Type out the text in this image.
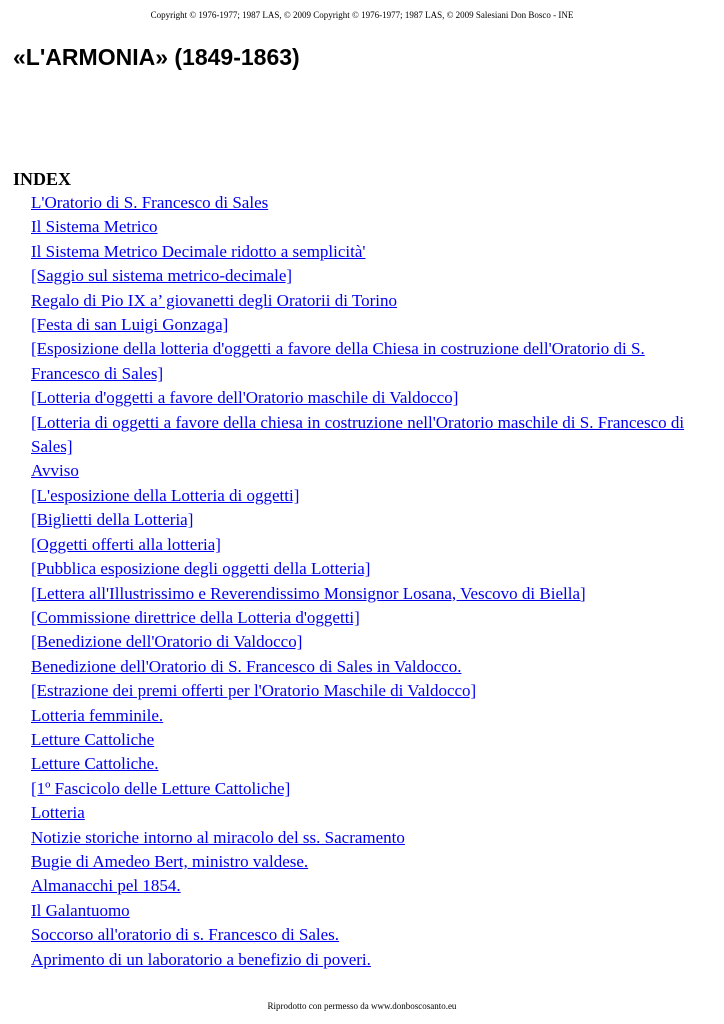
Copyright © 1976-1977; 1987 LAS, © 2009 Copyright © 1976-1977; 1987 LAS, © 2009 Salesiani Don Bosco - INE
«L'ARMONIA» (1849-1863)
INDEX
L'Oratorio di S. Francesco di Sales
Il Sistema Metrico
Il Sistema Metrico Decimale ridotto a semplicità'
[Saggio sul sistema metrico-decimale]
Regalo di Pio IX a’ giovanetti degli Oratorii di Torino
[Festa di san Luigi Gonzaga]
[Esposizione della lotteria d'oggetti a favore della Chiesa in costruzione dell'Oratorio di S. Francesco di Sales]
[Lotteria d'oggetti a favore dell'Oratorio maschile di Valdocco]
[Lotteria di oggetti a favore della chiesa in costruzione nell'Oratorio maschile di S. Francesco di Sales]
Avviso
[L'esposizione della Lotteria di oggetti]
[Biglietti della Lotteria]
[Oggetti offerti alla lotteria]
[Pubblica esposizione degli oggetti della Lotteria]
[Lettera all'Illustrissimo e Reverendissimo Monsignor Losana, Vescovo di Biella]
[Commissione direttrice della Lotteria d'oggetti]
[Benedizione dell'Oratorio di Valdocco]
Benedizione dell'Oratorio di S. Francesco di Sales in Valdocco.
[Estrazione dei premi offerti per l'Oratorio Maschile di Valdocco]
Lotteria femminile.
Letture Cattoliche
Letture Cattoliche.
[1º Fascicolo delle Letture Cattoliche]
Lotteria
Notizie storiche intorno al miracolo del ss. Sacramento
Bugie di Amedeo Bert, ministro valdese.
Almanacchi pel 1854.
Il Galantuomo
Soccorso all'oratorio di s. Francesco di Sales.
Aprimento di un laboratorio a benefizio di poveri.
Riprodotto con permesso da www.donboscosanto.eu
